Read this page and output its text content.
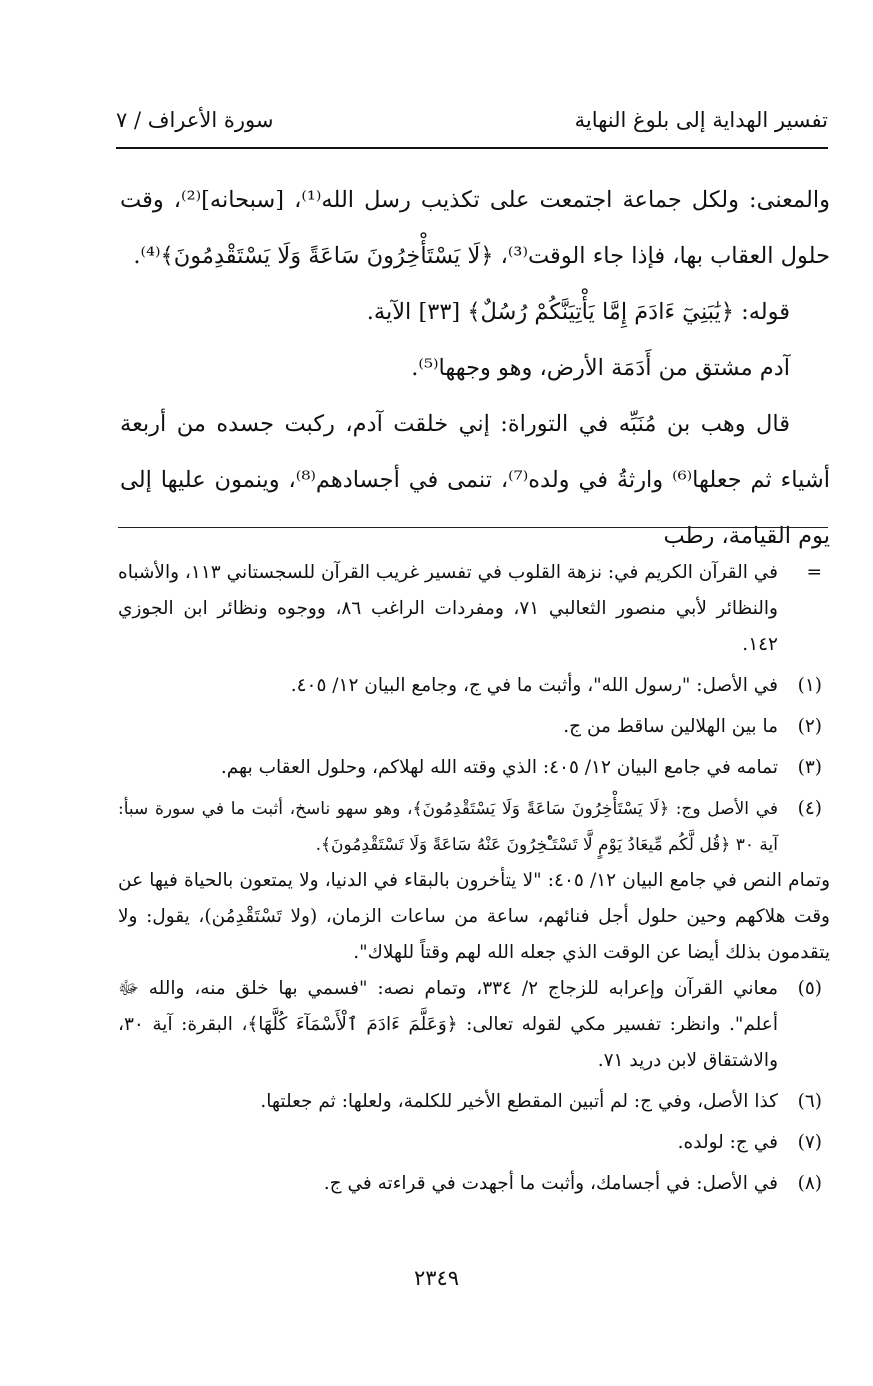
تفسير الهداية إلى بلوغ النهاية
سورة الأعراف / ٧
والمعنى: ولكل جماعة اجتمعت على تكذيب رسل الله⁽¹⁾، [سبحانه]⁽²⁾، وقت حلول العقاب بها، فإذا جاء الوقت⁽³⁾، ﴿لَا يَسْتَأْخِرُونَ سَاعَةً وَلَا يَسْتَقْدِمُونَ﴾⁽⁴⁾.
قوله: ﴿يَٰبَنِيٓ ءَادَمَ إِمَّا يَأْتِيَنَّكُمْ رُسُلٌ﴾ [٣٣] الآية.
آدم مشتق من أَدَمَة الأرض، وهو وجهها⁽⁵⁾.
قال وهب بن مُنَبِّه في التوراة: إني خلقت آدم، ركبت جسده من أربعة أشياء ثم جعلها⁽⁶⁾ وارثةُ في ولده⁽⁷⁾، تنمى في أجسادهم⁽⁸⁾، وينمون عليها إلى يوم القيامة، رطب
=
في القرآن الكريم في: نزهة القلوب في تفسير غريب القرآن للسجستاني ١١٣، والأشباه والنظائر لأبي منصور الثعالبي ٧١، ومفردات الراغب ٨٦، ووجوه ونظائر ابن الجوزي ١٤٢.
(١)
في الأصل: "رسول الله"، وأثبت ما في ج، وجامع البيان ١٢/ ٤٠٥.
(٢)
ما بين الهلالين ساقط من ج.
(٣)
تمامه في جامع البيان ١٢/ ٤٠٥: الذي وقته الله لهلاكم، وحلول العقاب بهم.
(٤)
في الأصل وج: ﴿لَا يَسْتَأْخِرُونَ سَاعَةً وَلَا يَسْتَقْدِمُونَ﴾، وهو سهو ناسخ، أثبت ما في سورة سبأ: آية ٣٠ ﴿قُل لَّكُم مِّيعَادُ يَوْمٍ لَّا تَسْتَـْٔخِرُونَ عَنْهُ سَاعَةً وَلَا تَسْتَقْدِمُونَ﴾.
وتمام النص في جامع البيان ١٢/ ٤٠٥: "لا يتأخرون بالبقاء في الدنيا، ولا يمتعون بالحياة فيها عن وقت هلاكهم وحين حلول أجل فنائهم، ساعة من ساعات الزمان، (ولا تَسْتَقْدِمُن)، يقول: ولا يتقدمون بذلك أيضا عن الوقت الذي جعله الله لهم وقتاً للهلاك".
(٥)
معاني القرآن وإعرابه للزجاج ٢/ ٣٣٤، وتمام نصه: "فسمي بها خلق منه، والله ﷻ أعلم". وانظر: تفسير مكي لقوله تعالى: ﴿وَعَلَّمَ ءَادَمَ ٱلْأَسْمَآءَ كُلَّهَا﴾، البقرة: آية ٣٠، والاشتقاق لابن دريد ٧١.
(٦)
كذا الأصل، وفي ج: لم أتبين المقطع الأخير للكلمة، ولعلها: ثم جعلتها.
(٧)
في ج: لولده.
(٨)
في الأصل: في أجسامك، وأثبت ما أجهدت في قراءته في ج.
٢٣٤٩
